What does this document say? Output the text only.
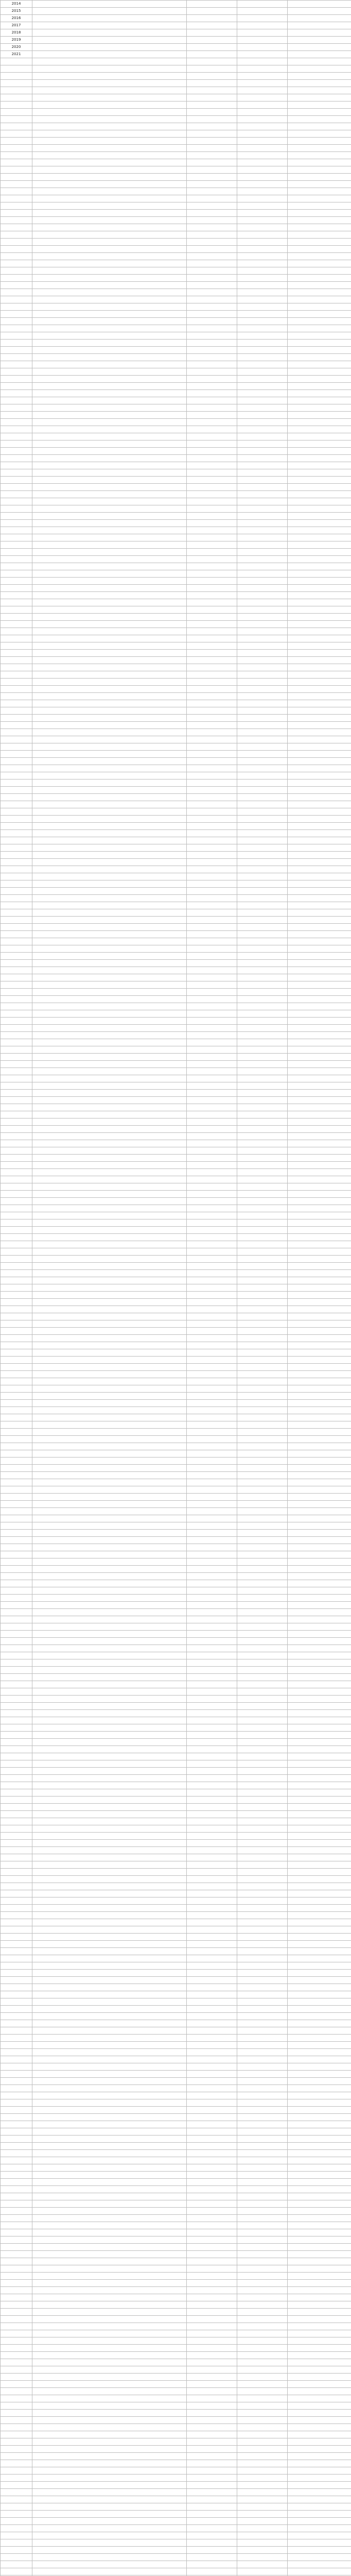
2014				
2015				
2016				
2017				
2018				
2019				
2020				
2021				
